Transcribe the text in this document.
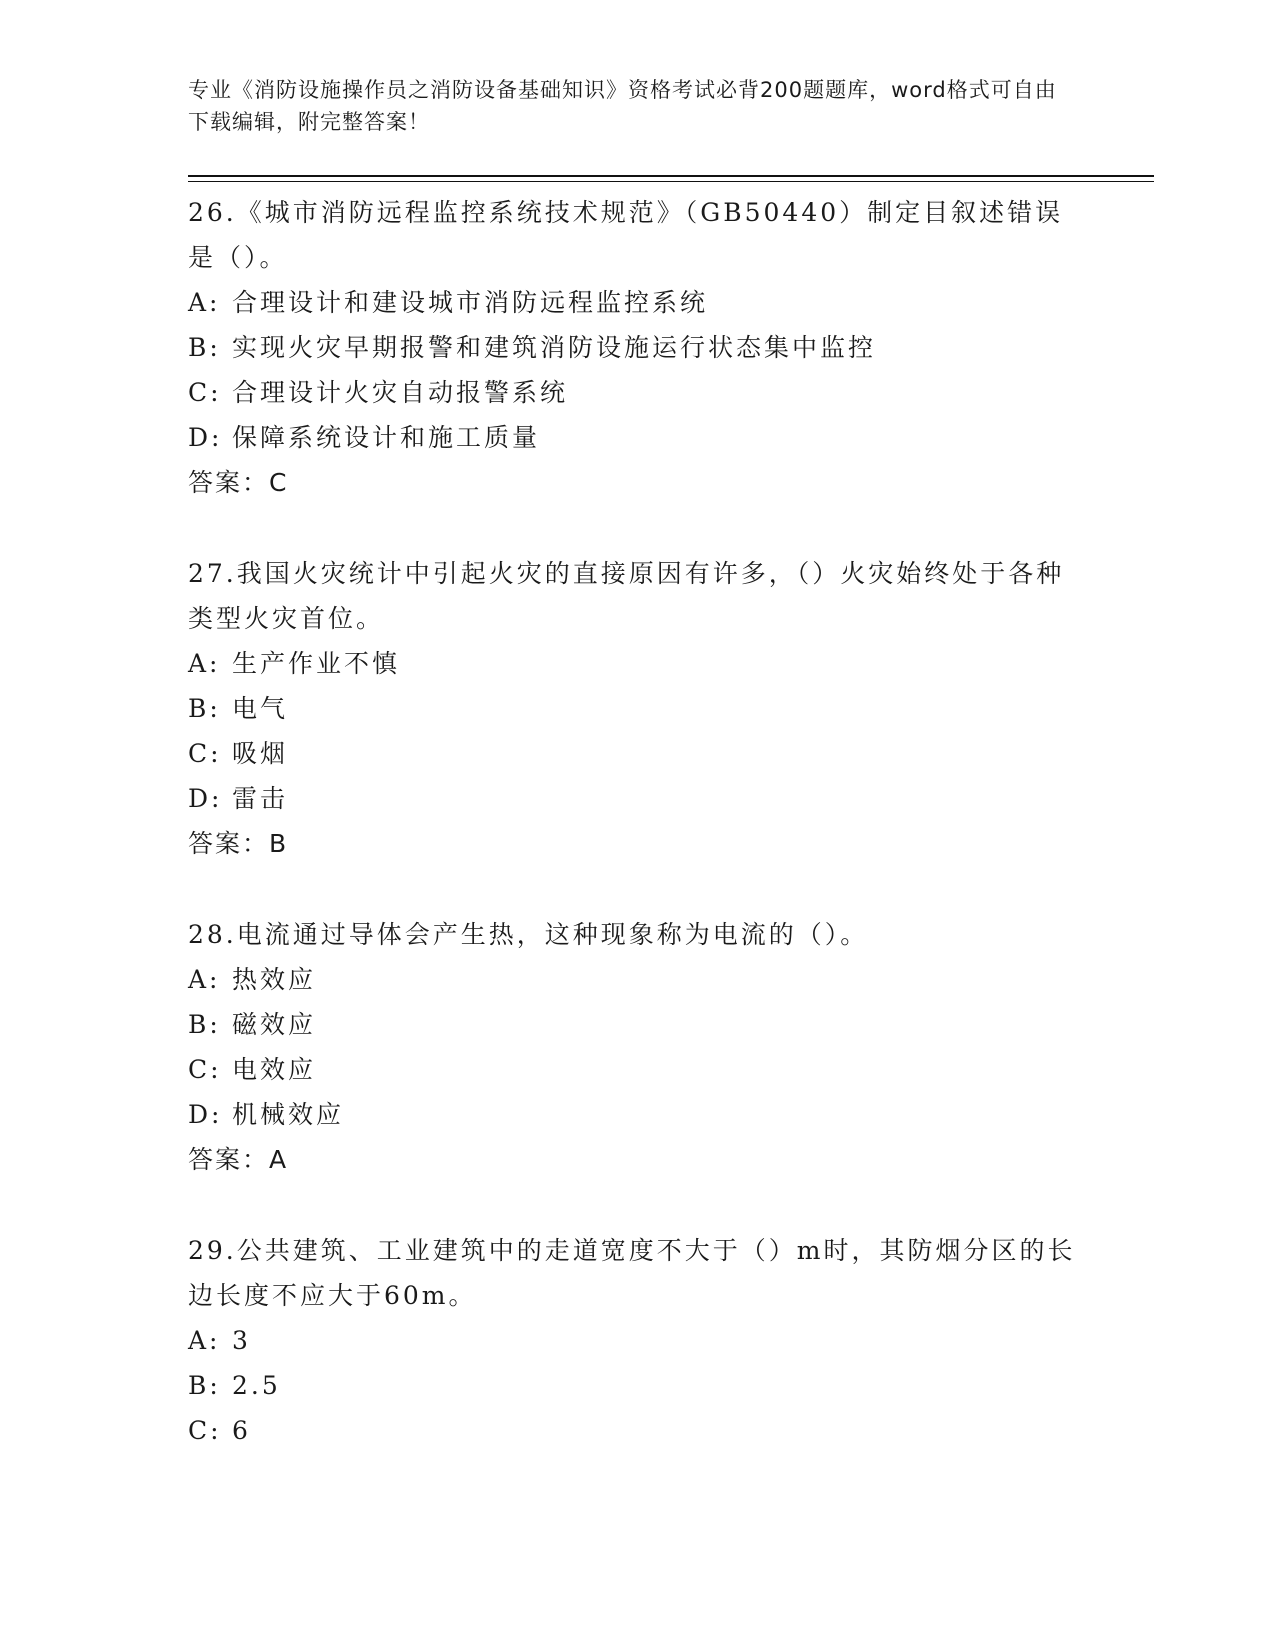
专业《消防设施操作员之消防设备基础知识》资格考试必背200题题库，word格式可自由下载编辑，附完整答案！

26.《城市消防远程监控系统技术规范》（GB50440）制定目叙述错误是（）。

A: 合理设计和建设城市消防远程监控系统
B: 实现火灾早期报警和建筑消防设施运行状态集中监控
C: 合理设计火灾自动报警系统
D: 保障系统设计和施工质量
答案：C

27.我国火灾统计中引起火灾的直接原因有许多，（）火灾始终处于各种类型火灾首位。

A: 生产作业不慎
B: 电气
C: 吸烟
D: 雷击
答案：B

28.电流通过导体会产生热，这种现象称为电流的（）。

A: 热效应
B: 磁效应
C: 电效应
D: 机械效应
答案：A

29.公共建筑、工业建筑中的走道宽度不大于（）m时，其防烟分区的长边长度不应大于60m。

A: 3
B: 2.5
C: 6
